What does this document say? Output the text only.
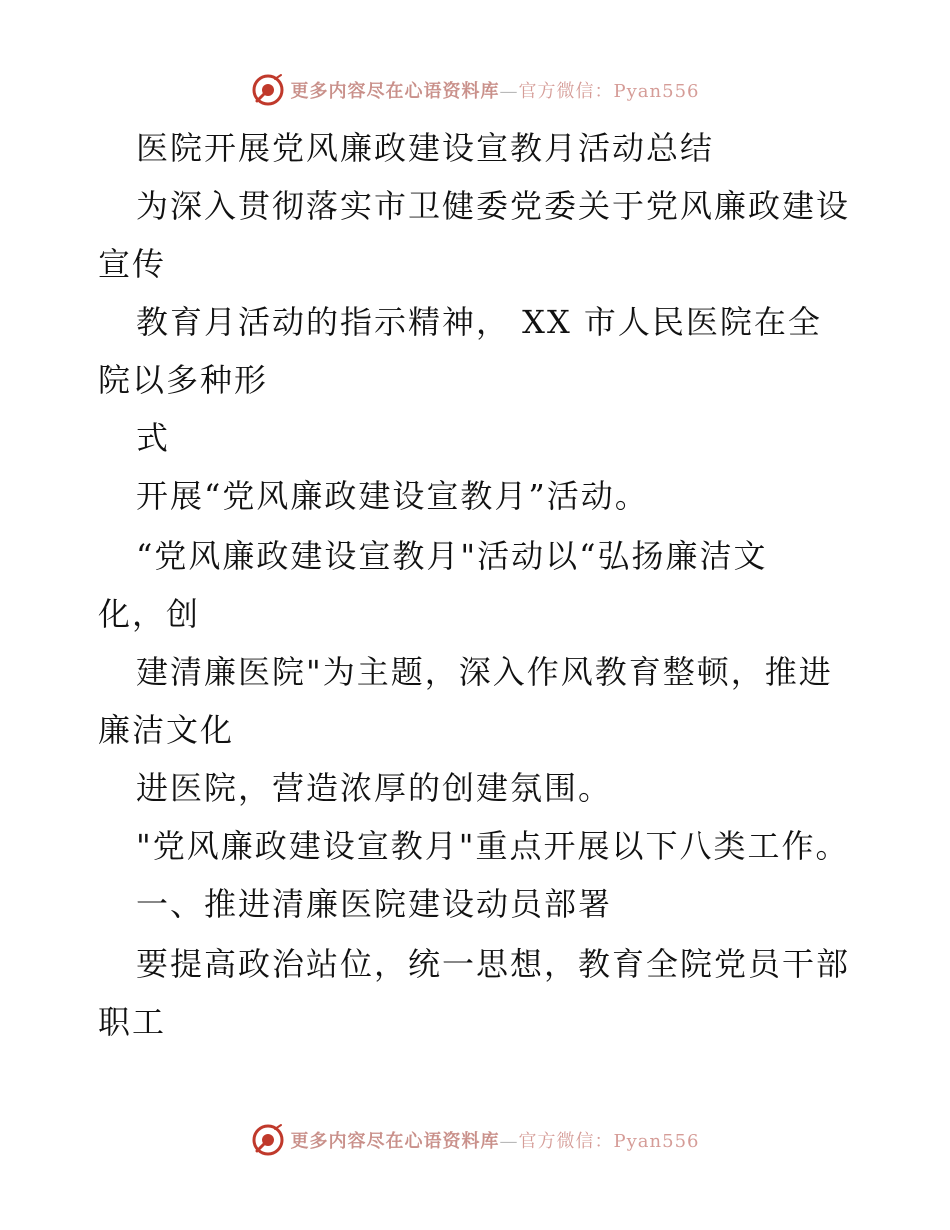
更多内容尽在心语资料库—官方微信：Pyan556
医院开展党风廉政建设宣教月活动总结
为深入贯彻落实市卫健委党委关于党风廉政建设
宣传
教育月活动的指示精神， XX 市人民医院在全
院以多种形
式
开展“党风廉政建设宣教月”活动。
“党风廉政建设宣教月"活动以“弘扬廉洁文
化，创
建清廉医院"为主题，深入作风教育整顿，推进
廉洁文化
进医院，营造浓厚的创建氛围。
"党风廉政建设宣教月"重点开展以下八类工作。
一、推进清廉医院建设动员部署
要提高政治站位，统一思想，教育全院党员干部
职工
更多内容尽在心语资料库—官方微信：Pyan556
